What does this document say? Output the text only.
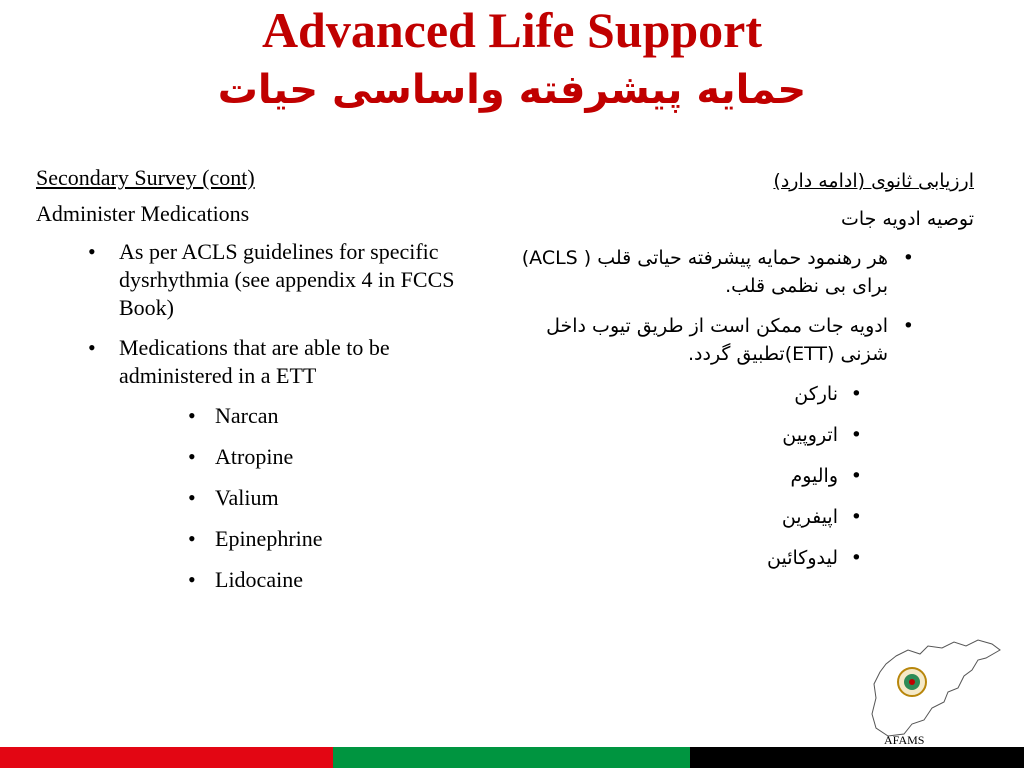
Advanced Life Support
حمایه پیشرفته واساسی حیات
Secondary Survey (cont)
Administer Medications
• As per ACLS guidelines for specific dysrhythmia (see appendix 4 in FCCS Book)
• Medications that are able to be administered in a ETT
• Narcan
• Atropine
• Valium
• Epinephrine
• Lidocaine
ارزیابی ثانوی (ادامه دارد)
توصیه ادویه جات
•
هر رهنمود حمایه پیشرفته حیاتی قلب ( ACLS) برای بی نظمی قلب.
•
ادویه جات ممکن است از طریق تیوب داخل شزنی (ETT)تطبیق گردد.
•
نارکن
•
اتروپین
•
والیوم
•
اپیفرین
•
لیدوکائین
AFAMS
